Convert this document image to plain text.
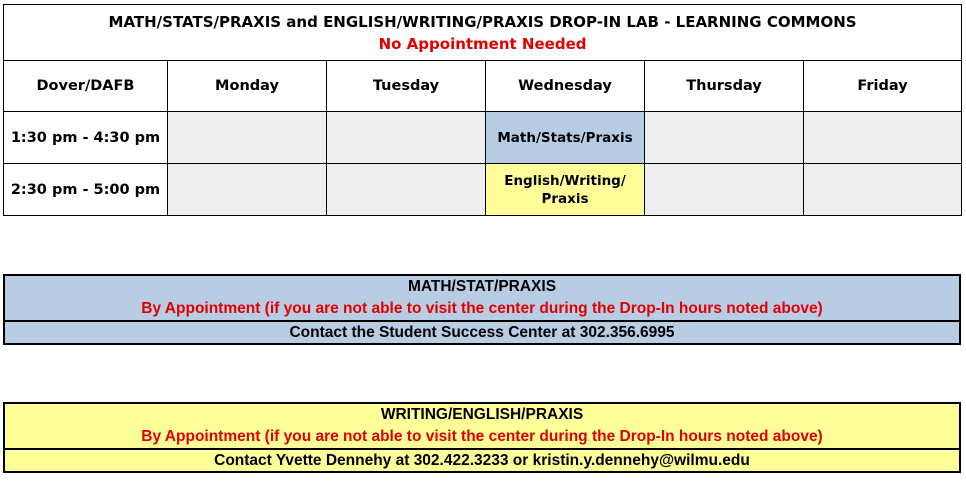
MATH/STATS/PRAXIS and ENGLISH/WRITING/PRAXIS DROP-IN LAB - LEARNING COMMONS
No Appointment Needed					

Dover/DAFB	Monday	Tuesday	Wednesday	Thursday	Friday
1:30 pm - 4:30 pm			Math/Stats/Praxis		
2:30 pm - 5:00 pm			English/Writing/
Praxis		

MATH/STAT/PRAXIS
By Appointment (if you are not able to visit the center during the Drop-In hours noted above)
Contact the Student Success Center at 302.356.6995
WRITING/ENGLISH/PRAXIS
By Appointment (if you are not able to visit the center during the Drop-In hours noted above)
Contact Yvette Dennehy at 302.422.3233 or kristin.y.dennehy@wilmu.edu
